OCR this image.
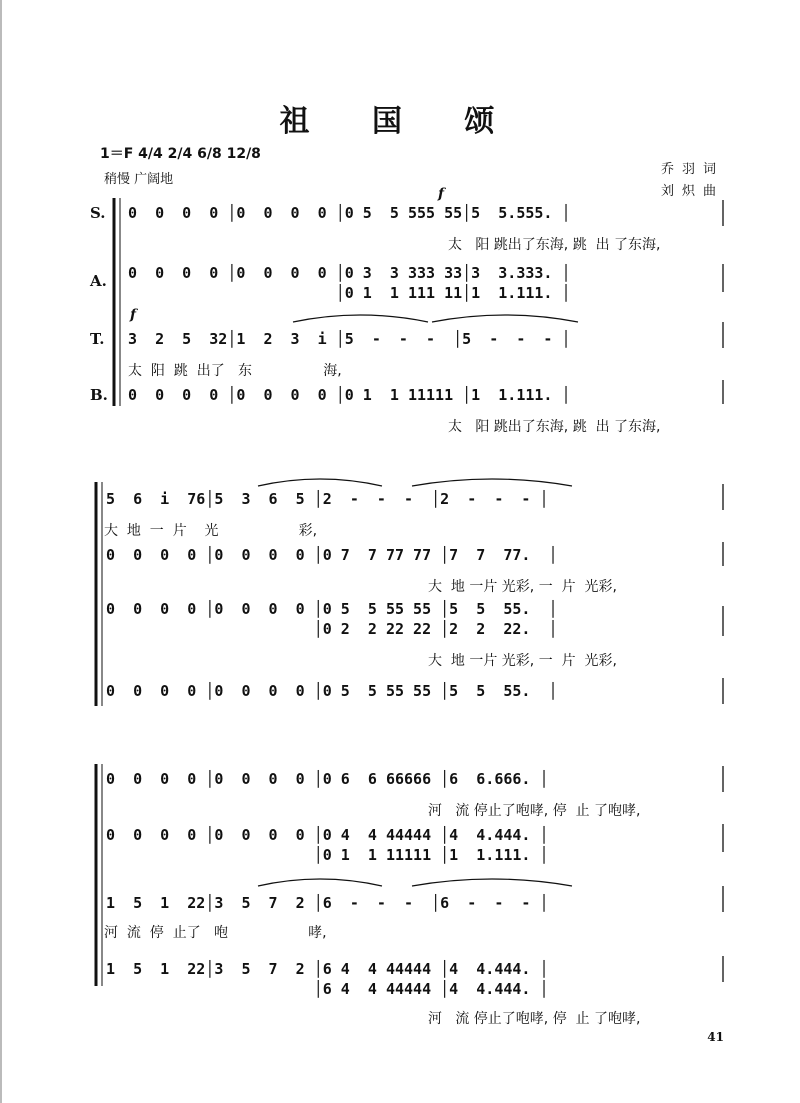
祖 国 颂
1＝F 4/4 2/4 6/8 12/8
稍慢 广阔地
乔羽词
刘炽曲
S.
A.
T.
B.
f
f
0  0  0  0 │0  0  0  0 │0 5  5 555 55│5  5.555. │
太   阳 跳出了东海, 跳  出 了东海,
0  0  0  0 │0  0  0  0 │0 3  3 333 33│3  3.333. │
│0 1  1 111 11│1  1.111. │
3  2  5  32│1  2  3  i │5  -  -  -  │5  -  -  - │
太  阳  跳  出了   东                海,
0  0  0  0 │0  0  0  0 │0 1  1 11111 │1  1.111. │
太   阳 跳出了东海, 跳  出 了东海,
5  6  i  76│5  3  6  5 │2  -  -  -  │2  -  -  - │
大  地  一  片    光                  彩,
0  0  0  0 │0  0  0  0 │0 7  7 77 77 │7  7  77.  │
大  地 一片 光彩, 一  片  光彩,
0  0  0  0 │0  0  0  0 │0 5  5 55 55 │5  5  55.  │
│0 2  2 22 22 │2  2  22.  │
大  地 一片 光彩, 一  片  光彩,
0  0  0  0 │0  0  0  0 │0 5  5 55 55 │5  5  55.  │
0  0  0  0 │0  0  0  0 │0 6  6 66666 │6  6.666. │
河   流 停止了咆哮, 停  止 了咆哮,
0  0  0  0 │0  0  0  0 │0 4  4 44444 │4  4.444. │
│0 1  1 11111 │1  1.111. │
1  5  1  22│3  5  7  2 │6  -  -  -  │6  -  -  - │
河  流  停  止了   咆                  哮,
1  5  1  22│3  5  7  2 │6 4  4 44444 │4  4.444. │
│6 4  4 44444 │4  4.444. │
河   流 停止了咆哮, 停  止 了咆哮,
41
